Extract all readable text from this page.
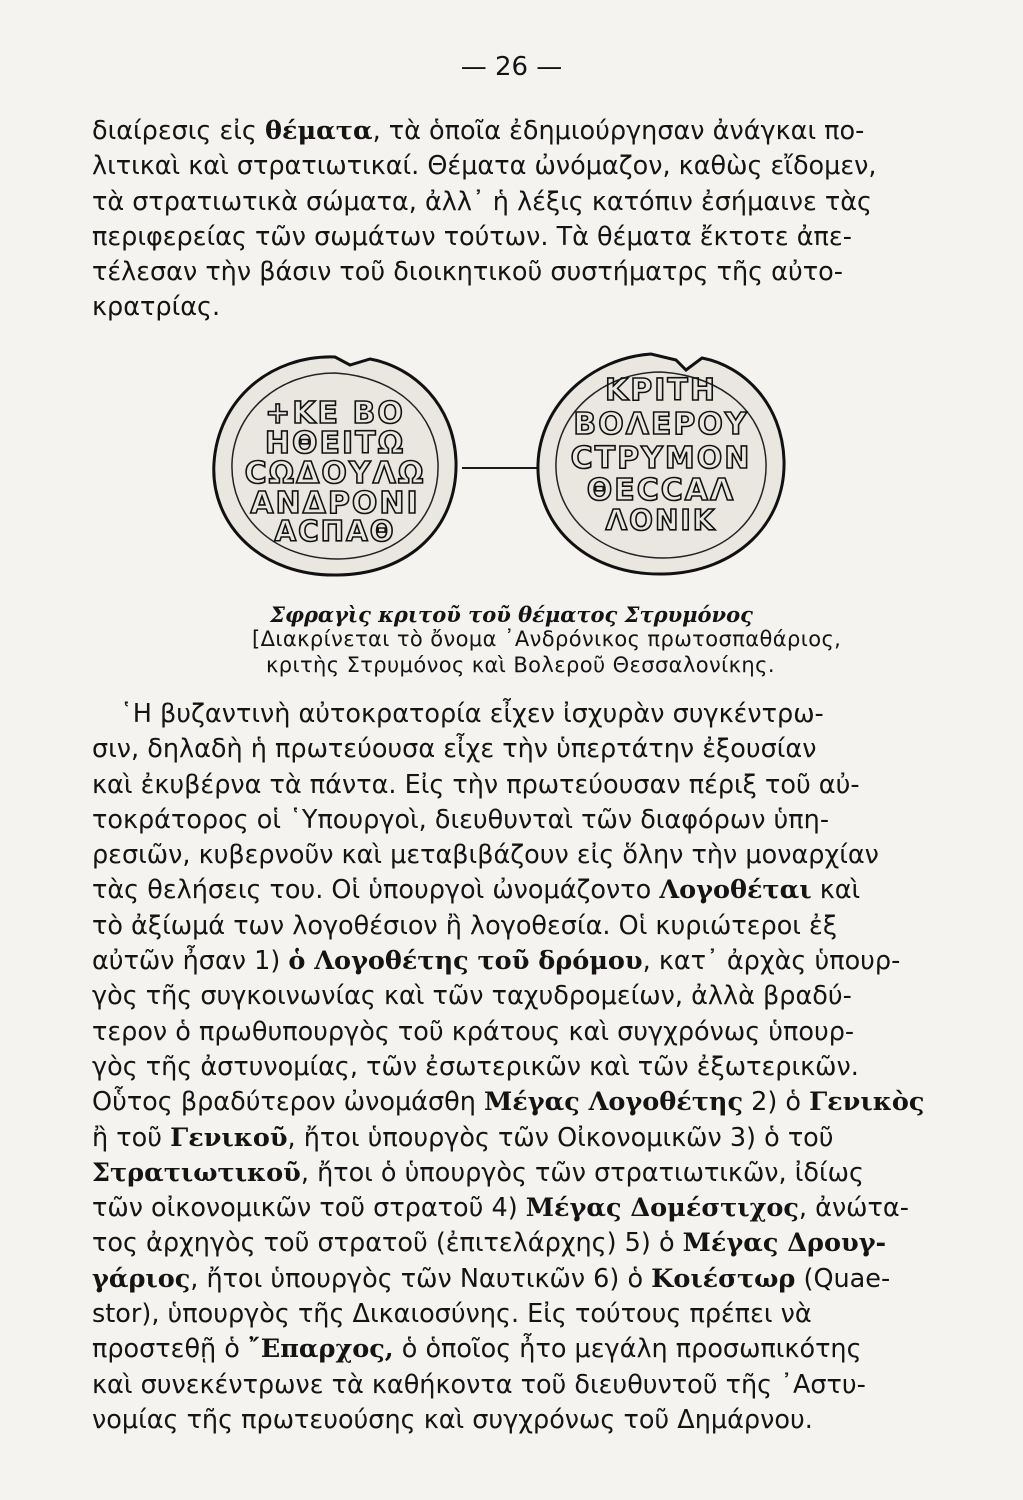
— 26 —
διαίρεσις εἰς θέματα, τὰ ὁποῖα ἐδημιούργησαν ἀνάγκαι πο-
λιτικαὶ καὶ στρατιωτικαί. Θέματα ὠνόμαζον, καθὼς εἴδομεν,
τὰ στρατιωτικὰ σώματα, ἀλλ᾽ ἡ λέξις κατόπιν ἐσήμαινε τὰς
περιφερείας τῶν σωμάτων τούτων. Τὰ θέματα ἔκτοτε ἀπε-
τέλεσαν τὴν βάσιν τοῦ διοικητικοῦ συστήματρς τῆς αὐτο-
κρατρίας.
+ΚΕ ΒΟ
ΗΘΕΙΤΩ
ϹΩΔΟΥΛΩ
ΑΝΔΡΟΝΙ
ΑϹΠΑΘ
ΚΡΙΤΗ
ΒΟΛΕΡΟΥ
ϹΤΡΥΜΟΝ
ΘΕϹϹΑΛ
ΛΟΝΙΚ
Σφραγὶς κριτοῦ τοῦ θέματος Στρυμόνος
[Διακρίνεται τὸ ὄνομα ᾿Ανδρόνικος πρωτοσπαθάριος,
κριτὴς Στρυμόνος καὶ Βολεροῦ Θεσσαλονίκης.
῾Η βυζαντινὴ αὐτοκρατορία εἶχεν ἰσχυρὰν συγκέντρω-
σιν, δηλαδὴ ἡ πρωτεύουσα εἶχε τὴν ὑπερτάτην ἐξουσίαν
καὶ ἐκυβέρνα τὰ πάντα. Εἰς τὴν πρωτεύουσαν πέριξ τοῦ αὐ-
τοκράτορος οἱ ῾Υπουργοὶ, διευθυνταὶ τῶν διαφόρων ὑπη-
ρεσιῶν, κυβερνοῦν καὶ μεταβιβάζουν εἰς ὅλην τὴν μοναρχίαν
τὰς θελήσεις του. Οἱ ὑπουργοὶ ὠνομάζοντο Λογοθέται καὶ
τὸ ἀξίωμά των λογοθέσιον ἢ λογοθεσία. Οἱ κυριώτεροι ἐξ
αὐτῶν ἦσαν 1) ὁ Λογοθέτης τοῦ δρόμου, κατ᾽ ἀρχὰς ὑπουρ-
γὸς τῆς συγκοινωνίας καὶ τῶν ταχυδρομείων, ἀλλὰ βραδύ-
τερον ὁ πρωθυπουργὸς τοῦ κράτους καὶ συγχρόνως ὑπουρ-
γὸς τῆς ἀστυνομίας, τῶν ἐσωτερικῶν καὶ τῶν ἐξωτερικῶν.
Οὗτος βραδύτερον ὠνομάσθη Μέγας Λογοθέτης 2) ὁ Γενικὸς
ἢ τοῦ Γενικοῦ, ἤτοι ὑπουργὸς τῶν Οἰκονομικῶν 3) ὁ τοῦ
Στρατιωτικοῦ, ἤτοι ὁ ὑπουργὸς τῶν στρατιωτικῶν, ἰδίως
τῶν οἰκονομικῶν τοῦ στρατοῦ 4) Μέγας Δομέστιχος, ἀνώτα-
τος ἀρχηγὸς τοῦ στρατοῦ (ἐπιτελάρχης) 5) ὁ Μέγας Δρουγ-
γάριος, ἤτοι ὑπουργὸς τῶν Ναυτικῶν 6) ὁ Κοιέστωρ (Quae-
stor), ὑπουργὸς τῆς Δικαιοσύνης. Εἰς τούτους πρέπει νὰ
προστεθῇ ὁ ῎Επαρχος, ὁ ὁποῖος ἦτο μεγάλη προσωπικότης
καὶ συνεκέντρωνε τὰ καθήκοντα τοῦ διευθυντοῦ τῆς ᾿Αστυ-
νομίας τῆς πρωτευούσης καὶ συγχρόνως τοῦ Δημάρνου.
